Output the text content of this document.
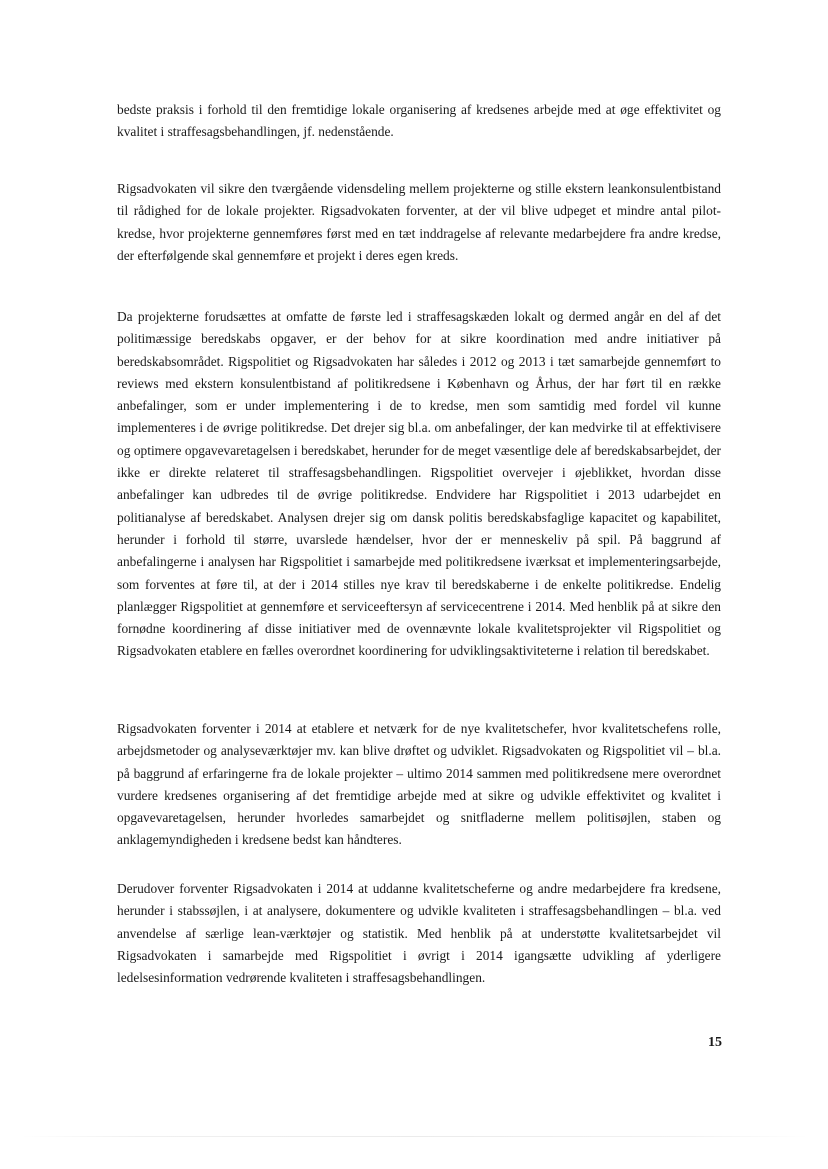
bedste praksis i forhold til den fremtidige lokale organisering af kredsenes arbejde med at øge effektivitet og kvalitet i straffesagsbehandlingen, jf. nedenstående.

Rigsadvokaten vil sikre den tværgående vidensdeling mellem projekterne og stille ekstern leankonsulentbistand til rådighed for de lokale projekter. Rigsadvokaten forventer, at der vil blive udpeget et mindre antal pilot-kredse, hvor projekterne gennemføres først med en tæt inddragelse af relevante medarbejdere fra andre kredse, der efterfølgende skal gennemføre et projekt i deres egen kreds.

Da projekterne forudsættes at omfatte de første led i straffesagskæden lokalt og dermed angår en del af det politimæssige beredskabs opgaver, er der behov for at sikre koordination med andre initiativer på beredskabsområdet. Rigspolitiet og Rigsadvokaten har således i 2012 og 2013 i tæt samarbejde gennemført to reviews med ekstern konsulentbistand af politikredsene i København og Århus, der har ført til en række anbefalinger, som er under implementering i de to kredse, men som samtidig med fordel vil kunne implementeres i de øvrige politikredse. Det drejer sig bl.a. om anbefalinger, der kan medvirke til at effektivisere og optimere opgavevaretagelsen i beredskabet, herunder for de meget væsentlige dele af beredskabsarbejdet, der ikke er direkte relateret til straffesagsbehandlingen. Rigspolitiet overvejer i øjeblikket, hvordan disse anbefalinger kan udbredes til de øvrige politikredse. Endvidere har Rigspolitiet i 2013 udarbejdet en politianalyse af beredskabet. Analysen drejer sig om dansk politis beredskabsfaglige kapacitet og kapabilitet, herunder i forhold til større, uvarslede hændelser, hvor der er menneskeliv på spil. På baggrund af anbefalingerne i analysen har Rigspolitiet i samarbejde med politikredsene iværksat et implementeringsarbejde, som forventes at føre til, at der i 2014 stilles nye krav til beredskaberne i de enkelte politikredse. Endelig planlægger Rigspolitiet at gennemføre et serviceeftersyn af servicecentrene i 2014. Med henblik på at sikre den fornødne koordinering af disse initiativer med de ovennævnte lokale kvalitetsprojekter vil Rigspolitiet og Rigsadvokaten etablere en fælles overordnet koordinering for udviklingsaktiviteterne i relation til beredskabet.

Rigsadvokaten forventer i 2014 at etablere et netværk for de nye kvalitetschefer, hvor kvalitetschefens rolle, arbejdsmetoder og analyseværktøjer mv. kan blive drøftet og udviklet. Rigsadvokaten og Rigspolitiet vil – bl.a. på baggrund af erfaringerne fra de lokale projekter – ultimo 2014 sammen med politikredsene mere overordnet vurdere kredsenes organisering af det fremtidige arbejde med at sikre og udvikle effektivitet og kvalitet i opgavevaretagelsen, herunder hvorledes samarbejdet og snitfladerne mellem politisøjlen, staben og anklagemyndigheden i kredsene bedst kan håndteres.

Derudover forventer Rigsadvokaten i 2014 at uddanne kvalitetscheferne og andre medarbejdere fra kredsene, herunder i stabssøjlen, i at analysere, dokumentere og udvikle kvaliteten i straffesagsbehandlingen – bl.a. ved anvendelse af særlige lean-værktøjer og statistik. Med henblik på at understøtte kvalitetsarbejdet vil Rigsadvokaten i samarbejde med Rigspolitiet i øvrigt i 2014 igangsætte udvikling af yderligere ledelsesinformation vedrørende kvaliteten i straffesagsbehandlingen.

15
